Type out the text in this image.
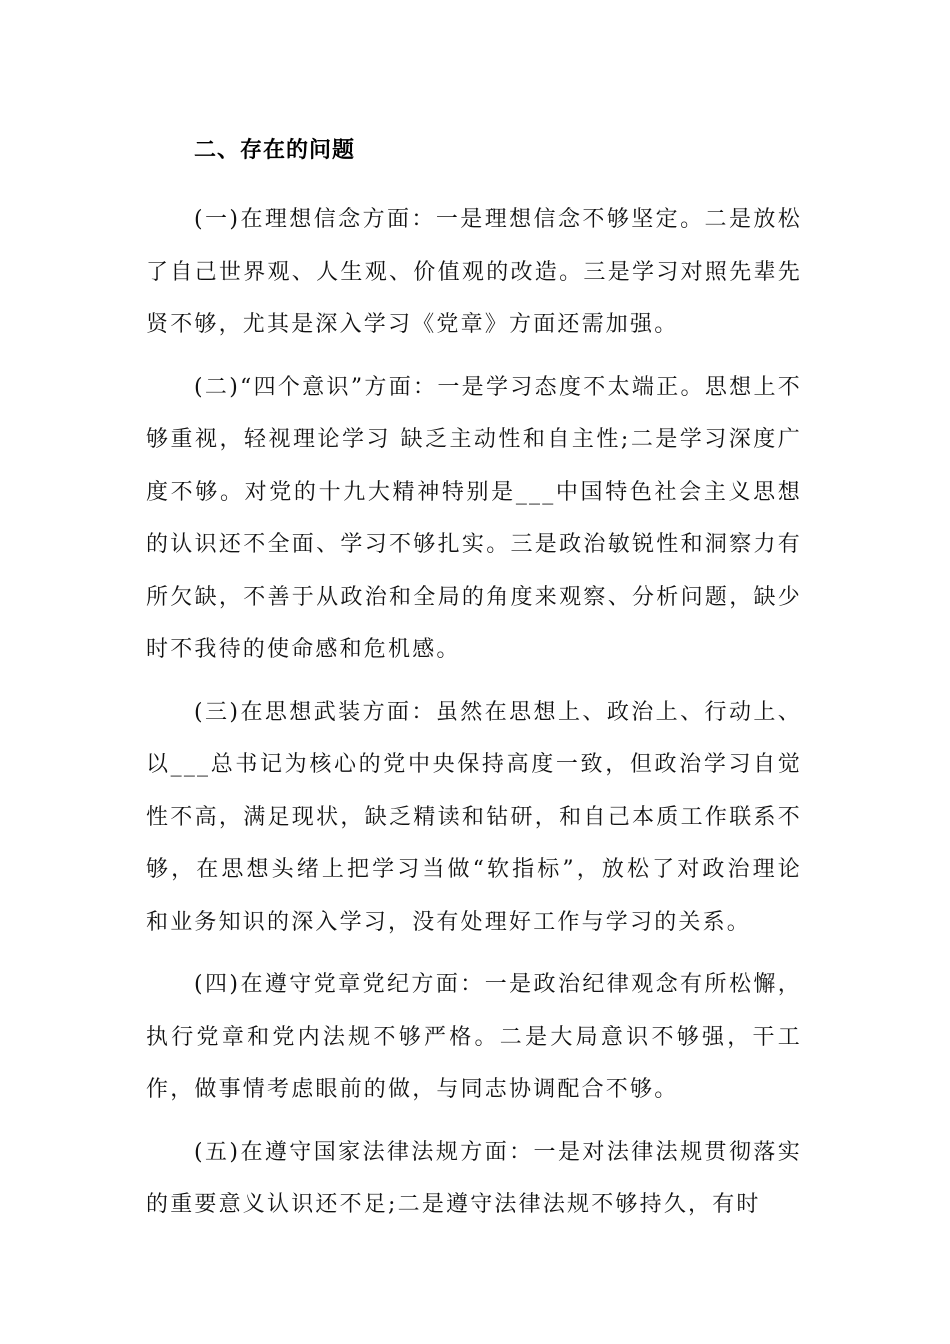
二、存在的问题

(一)在理想信念方面：一是理想信念不够坚定。二是放松了自己世界观、人生观、价值观的改造。三是学习对照先辈先贤不够，尤其是深入学习《党章》方面还需加强。

(二)“四个意识”方面：一是学习态度不太端正。思想上不够重视，轻视理论学习 缺乏主动性和自主性;二是学习深度广度不够。对党的十九大精神特别是___中国特色社会主义思想的认识还不全面、学习不够扎实。三是政治敏锐性和洞察力有所欠缺，不善于从政治和全局的角度来观察、分析问题，缺少时不我待的使命感和危机感。

(三)在思想武装方面：虽然在思想上、政治上、行动上、以___总书记为核心的党中央保持高度一致，但政治学习自觉性不高，满足现状，缺乏精读和钻研，和自己本质工作联系不够，在思想头绪上把学习当做“软指标”，放松了对政治理论和业务知识的深入学习，没有处理好工作与学习的关系。

(四)在遵守党章党纪方面：一是政治纪律观念有所松懈，执行党章和党内法规不够严格。二是大局意识不够强，干工作，做事情考虑眼前的做，与同志协调配合不够。

(五)在遵守国家法律法规方面：一是对法律法规贯彻落实的重要意义认识还不足;二是遵守法律法规不够持久，有时
